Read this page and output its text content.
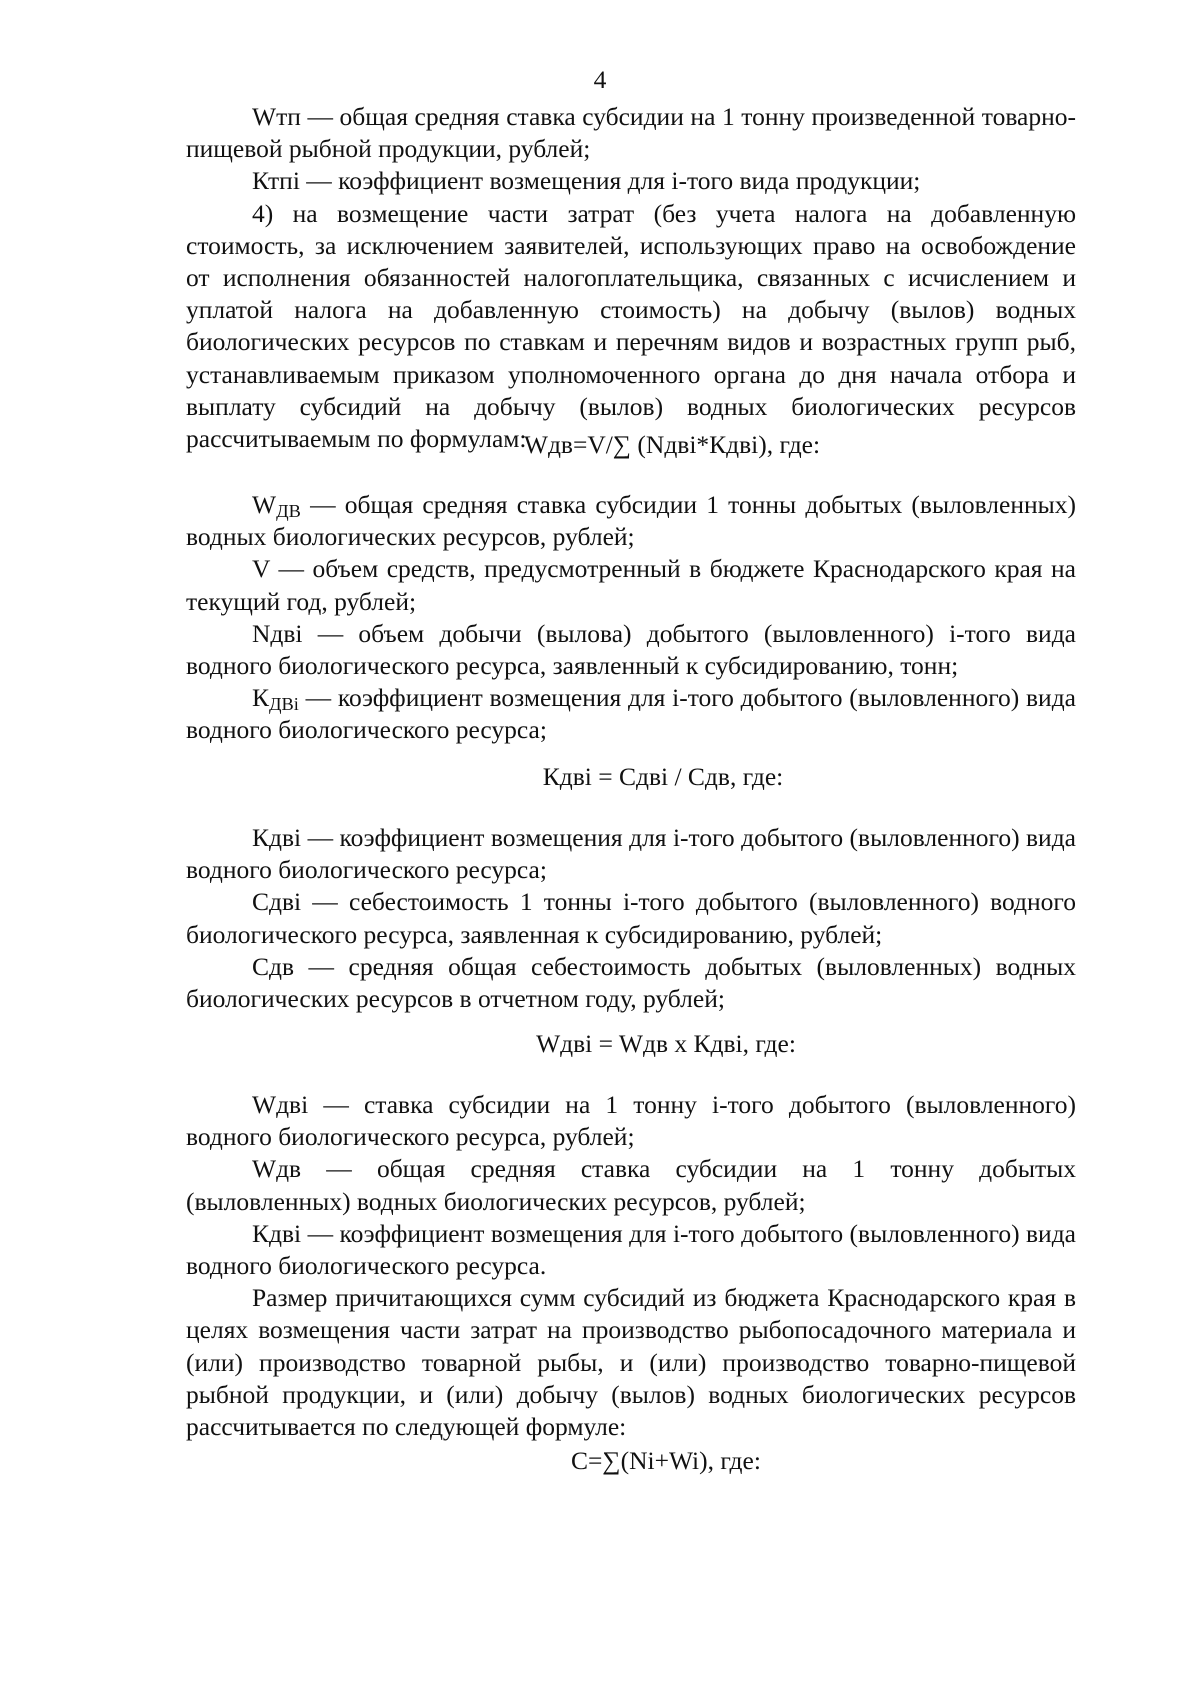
4

Wтп — общая средняя ставка субсидии на 1 тонну произведенной товарно-пищевой рыбной продукции, рублей;

Ктпi — коэффициент возмещения для i-того вида продукции;

4) на возмещение части затрат (без учета налога на добавленную стоимость, за исключением заявителей, использующих право на освобождение от исполнения обязанностей налогоплательщика, связанных с исчислением и уплатой налога на добавленную стоимость) на добычу (вылов) водных биологических ресурсов по ставкам и перечням видов и возрастных групп рыб, устанавливаемым приказом уполномоченного органа до дня начала отбора и выплату субсидий на добычу (вылов) водных биологических ресурсов рассчитываемым по формулам:

Wдв=V/∑ (Nдвi*Кдвi), где:

$W_{ДВ}$ — общая средняя ставка субсидии 1 тонны добытых (выловленных) водных биологических ресурсов, рублей;

V — объем средств, предусмотренный в бюджете Краснодарского края на текущий год, рублей;

Nдвi — объем добычи (вылова) добытого (выловленного) i-того вида водного биологического ресурса, заявленный к субсидированию, тонн;

$К_{ДВi}$ — коэффициент возмещения для i-того добытого (выловленного) вида водного биологического ресурса;

Кдвi = Сдвi / Сдв, где:

Кдвi — коэффициент возмещения для i-того добытого (выловленного) вида водного биологического ресурса;

Сдвi — себестоимость 1 тонны i-того добытого (выловленного) водного биологического ресурса, заявленная к субсидированию, рублей;

Сдв — средняя общая себестоимость добытых (выловленных) водных биологических ресурсов в отчетном году, рублей;

Wдвi = Wдв x Кдвi, где:

Wдвi — ставка субсидии на 1 тонну i-того добытого (выловленного) водного биологического ресурса, рублей;

Wдв — общая средняя ставка субсидии на 1 тонну добытых (выловленных) водных биологических ресурсов, рублей;

Кдвi — коэффициент возмещения для i-того добытого (выловленного) вида водного биологического ресурса.

Размер причитающихся сумм субсидий из бюджета Краснодарского края в целях возмещения части затрат на производство рыбопосадочного материала и (или) производство товарной рыбы, и (или) производство товарно-пищевой рыбной продукции, и (или) добычу (вылов) водных биологических ресурсов рассчитывается по следующей формуле:

С=∑(Ni+Wi), где:
